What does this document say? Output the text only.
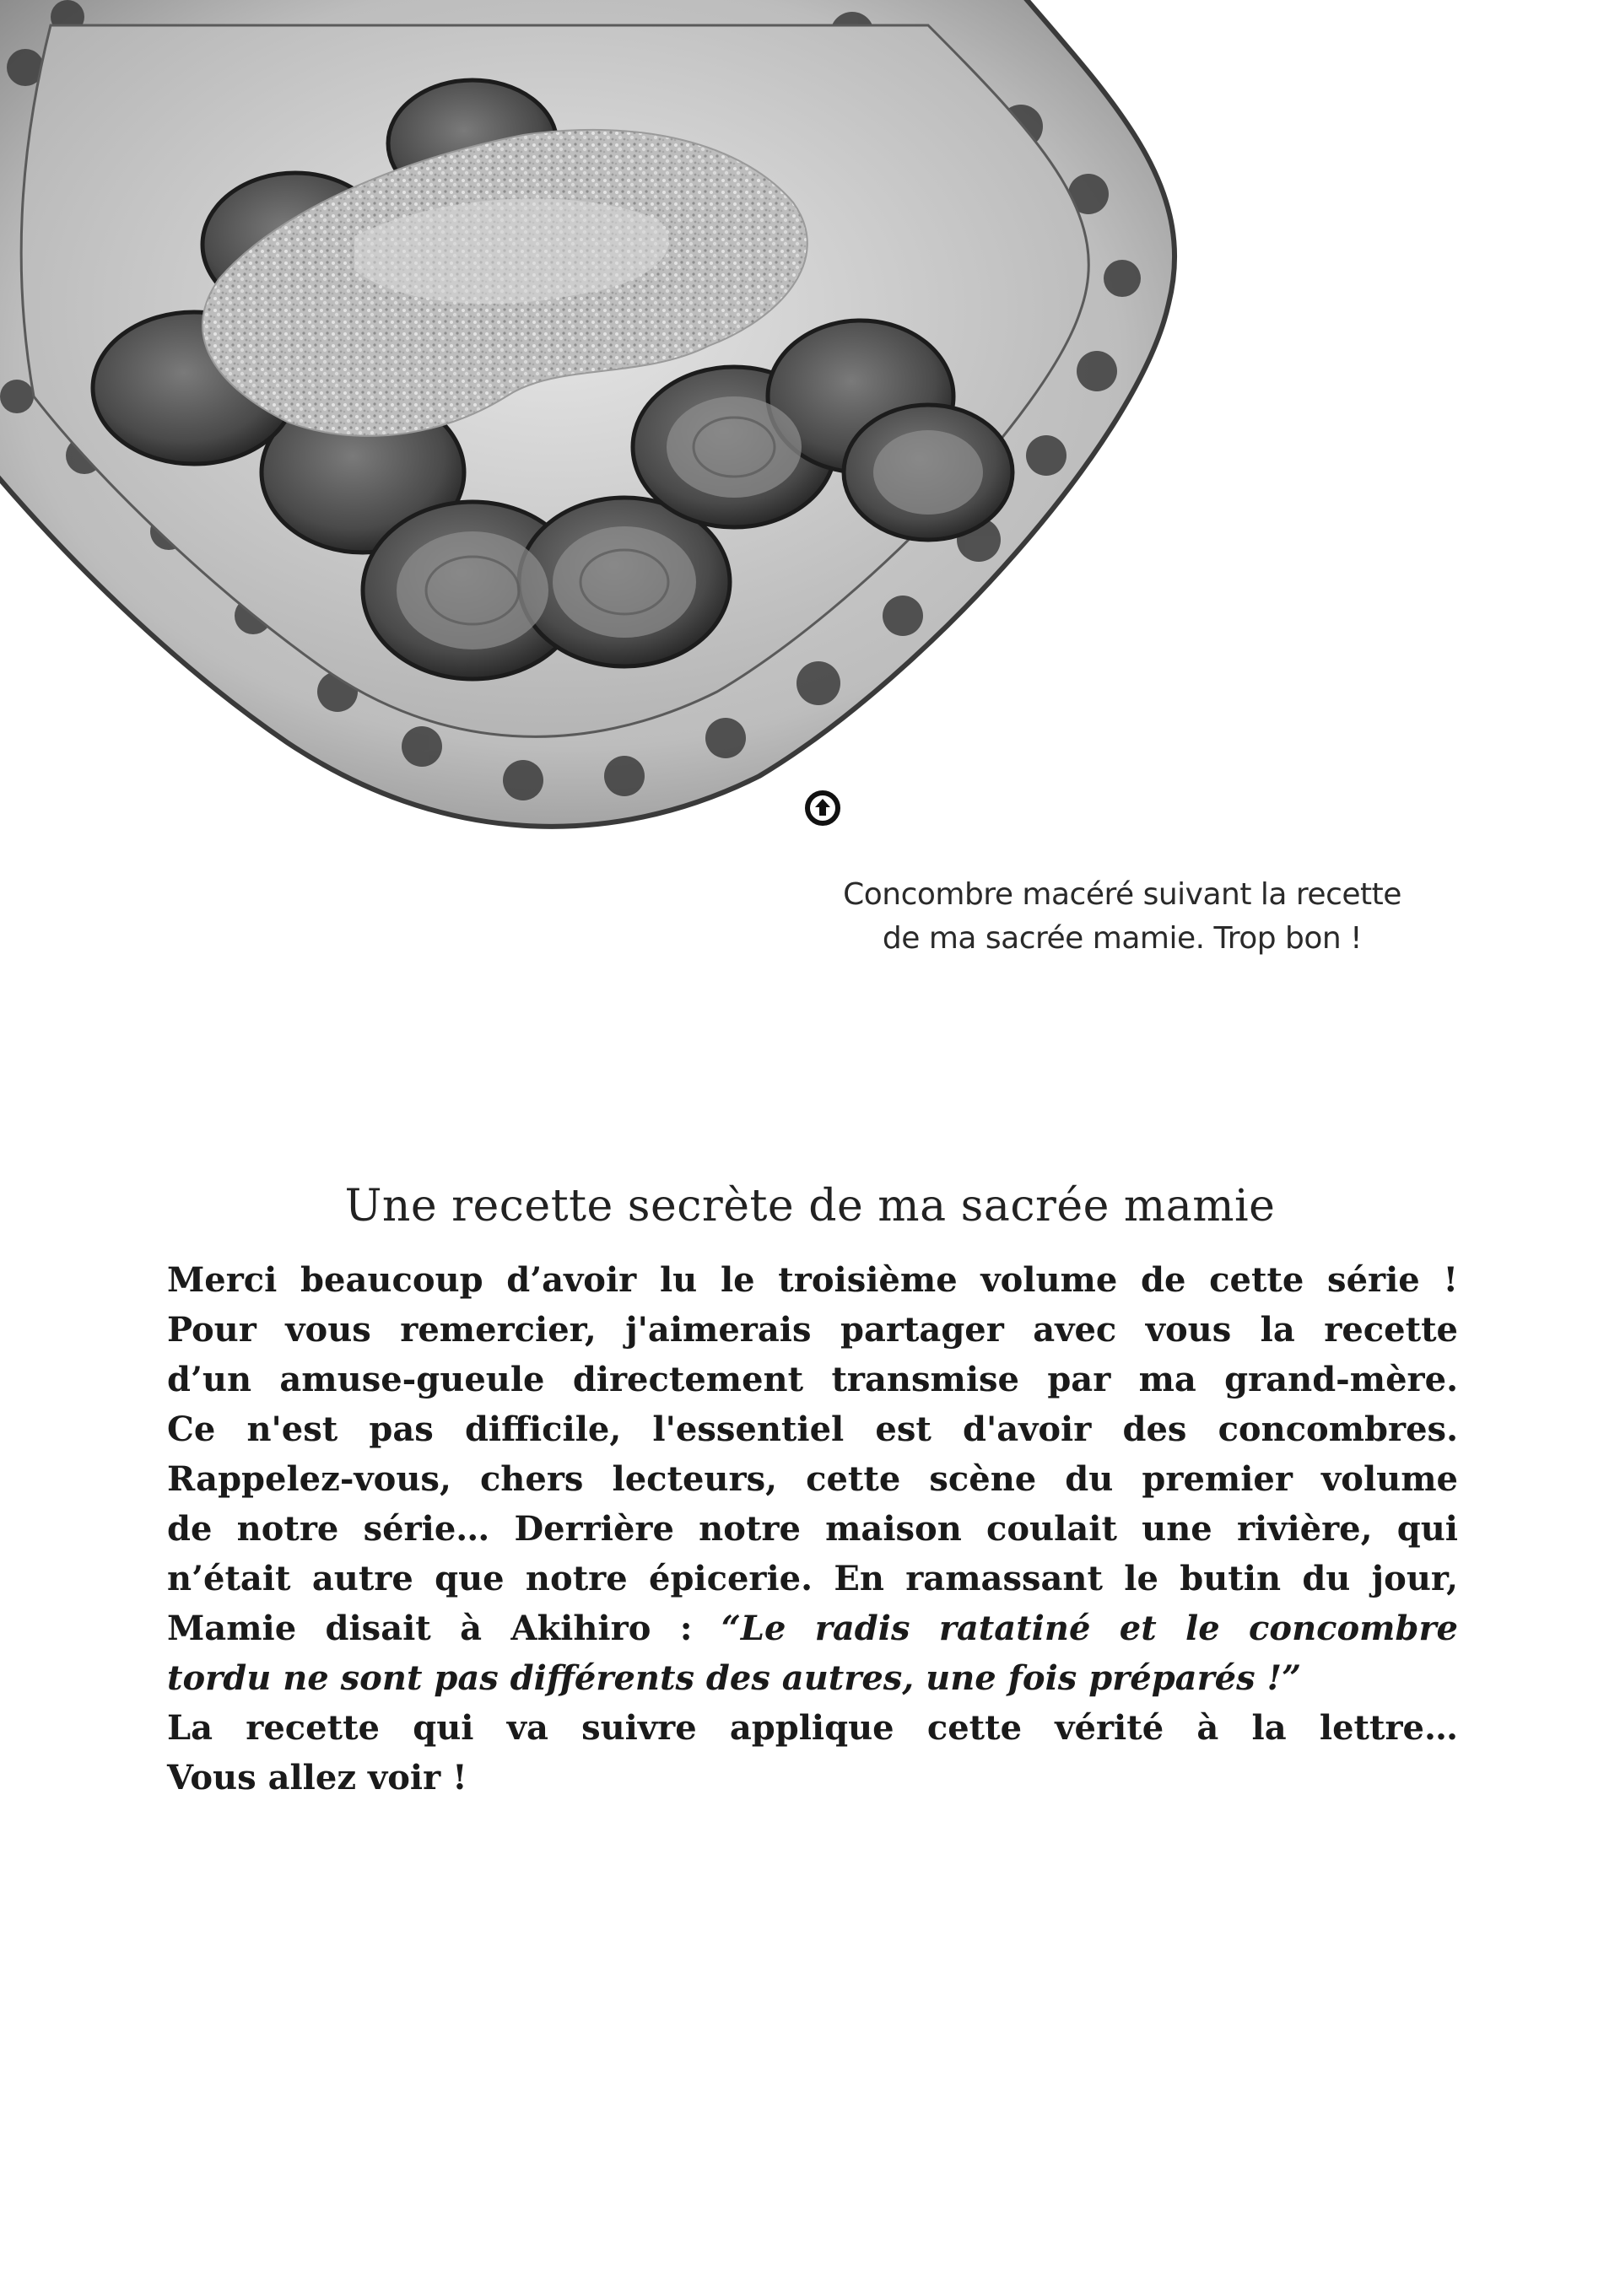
Concombre macéré suivant la recette
de ma sacrée mamie. Trop bon !
Une recette secrète de ma sacrée mamie
Merci beaucoup d’avoir lu le troisième volume de cette série !
Pour vous remercier, j'aimerais partager avec vous la recette
d’un amuse-gueule directement transmise par ma grand-mère.
Ce n'est pas difficile, l'essentiel est d'avoir des concombres.
Rappelez-vous, chers lecteurs, cette scène du premier volume
de notre série… Derrière notre maison coulait une rivière, qui
n’était autre que notre épicerie. En ramassant le butin du jour,
Mamie disait à Akihiro : “Le radis ratatiné et le concombre
tordu ne sont pas différents des autres, une fois préparés !”
La recette qui va suivre applique cette vérité à la lettre…
Vous allez voir !
